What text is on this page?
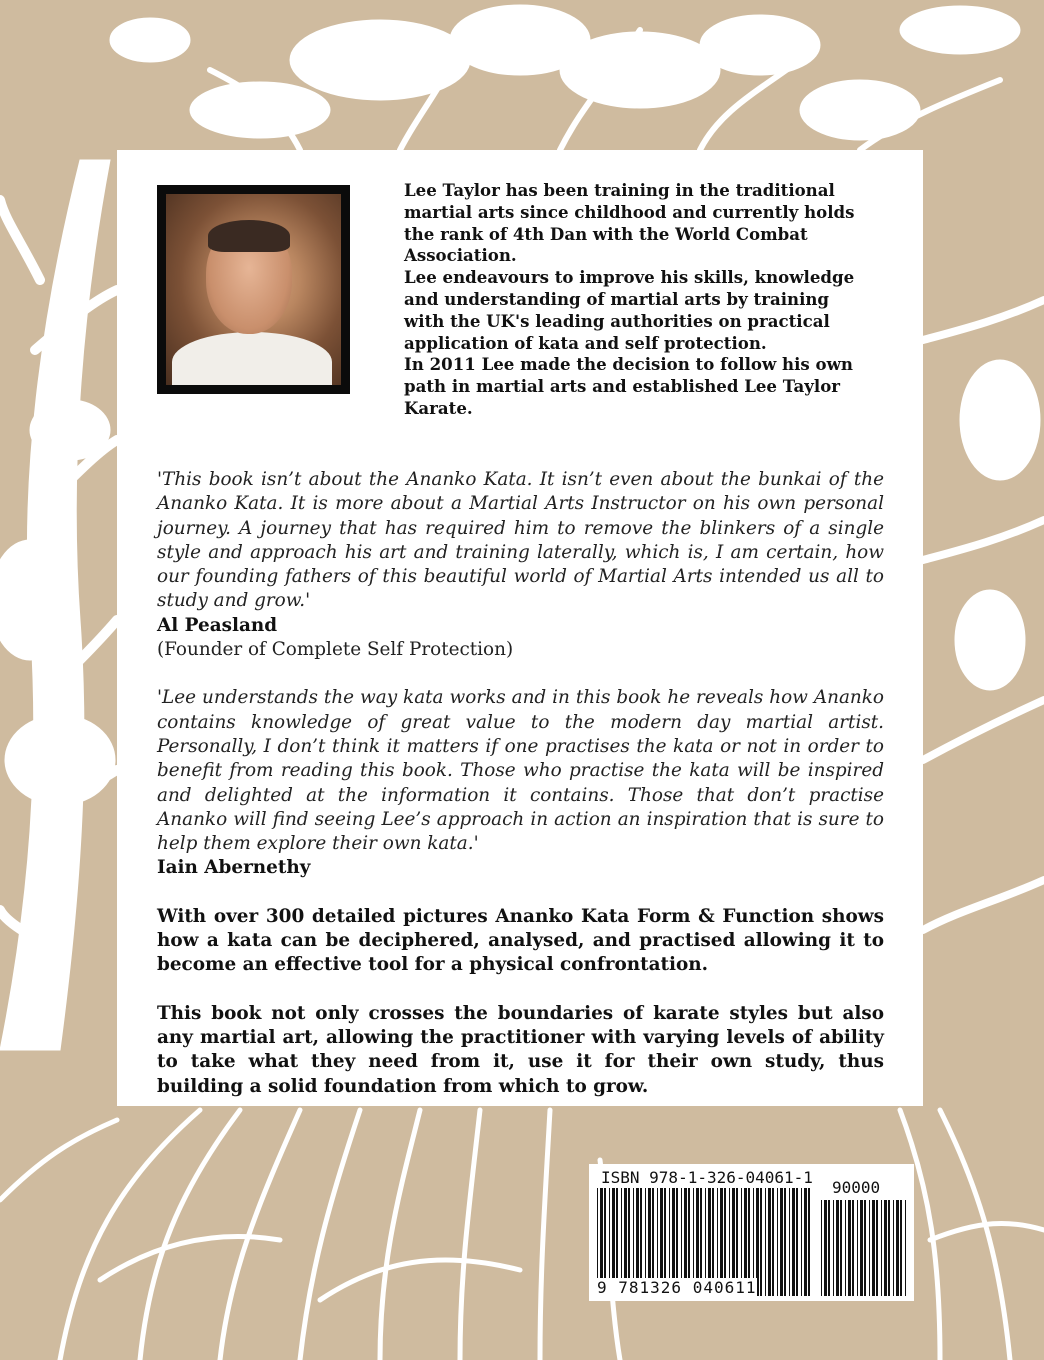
Lee Taylor has been training in the traditional martial arts since childhood and currently holds the rank of 4th Dan with the World Combat Association.

Lee endeavours to improve his skills, knowledge and understanding of martial arts by training with the UK's leading authorities on practical application of kata and self protection.

In 2011 Lee made the decision to follow his own path in martial arts and established Lee Taylor Karate.

'This book isn’t about the Ananko Kata. It isn’t even about the bunkai of the Ananko Kata. It is more about a Martial Arts Instructor on his own personal journey. A journey that has required him to remove the blinkers of a single style and approach his art and training laterally, which is, I am certain, how our founding fathers of this beautiful world of Martial Arts intended us all to study and grow.'

Al Peasland

(Founder of Complete Self Protection)

'Lee understands the way kata works and in this book he reveals how Ananko contains knowledge of great value to the modern day martial artist. Personally, I don’t think it matters if one practises the kata or not in order to benefit from reading this book. Those who practise the kata will be inspired and delighted at the information it contains. Those that don’t practise Ananko will find seeing Lee’s approach in action an inspiration that is sure to help them explore their own kata.'

Iain Abernethy

With over 300 detailed pictures Ananko Kata Form & Function shows how a kata can be deciphered, analysed, and practised allowing it to become an effective tool for a physical confrontation.

This book not only crosses the boundaries of karate styles but also any martial art, allowing the practitioner with varying levels of ability to take what they need from it, use it for their own study, thus building a solid foundation from which to grow.

ISBN 978-1-326-04061-1
90000
9 781326 040611
